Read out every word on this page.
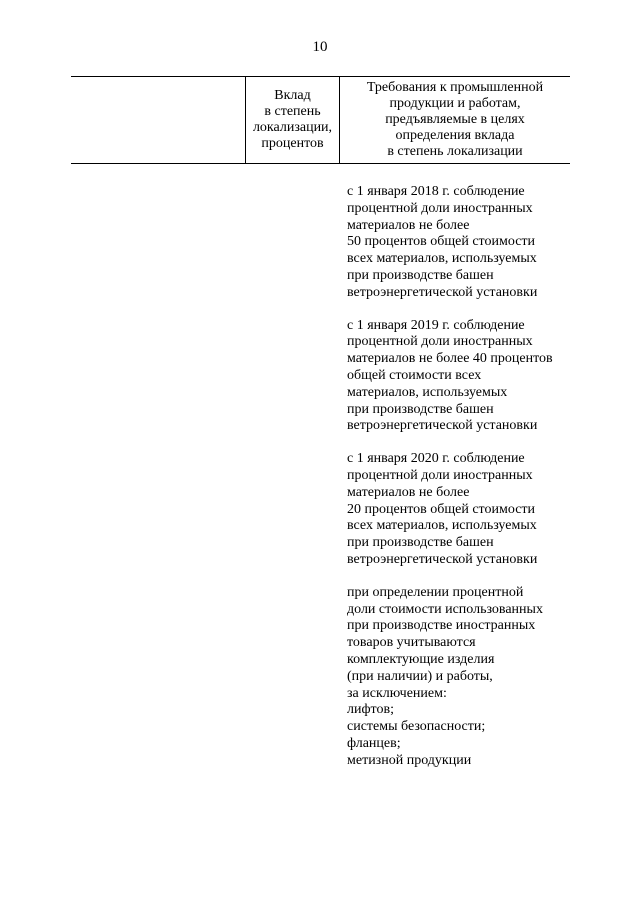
10
Вклад
в степень
локализации,
процентов
Требования к промышленной
продукции и работам,
предъявляемые в целях
определения вклада
в степень локализации
с 1 января 2018 г. соблюдение
процентной доли иностранных
материалов не более
50 процентов общей стоимости
всех материалов, используемых
при производстве башен
ветроэнергетической установки
с 1 января 2019 г. соблюдение
процентной доли иностранных
материалов не более 40 процентов
общей стоимости всех
материалов, используемых
при производстве башен
ветроэнергетической установки
с 1 января 2020 г. соблюдение
процентной доли иностранных
материалов не более
20 процентов общей стоимости
всех материалов, используемых
при производстве башен
ветроэнергетической установки
при определении процентной
доли стоимости использованных
при производстве иностранных
товаров учитываются
комплектующие изделия
(при наличии) и работы,
за исключением:
лифтов;
системы безопасности;
фланцев;
метизной продукции
